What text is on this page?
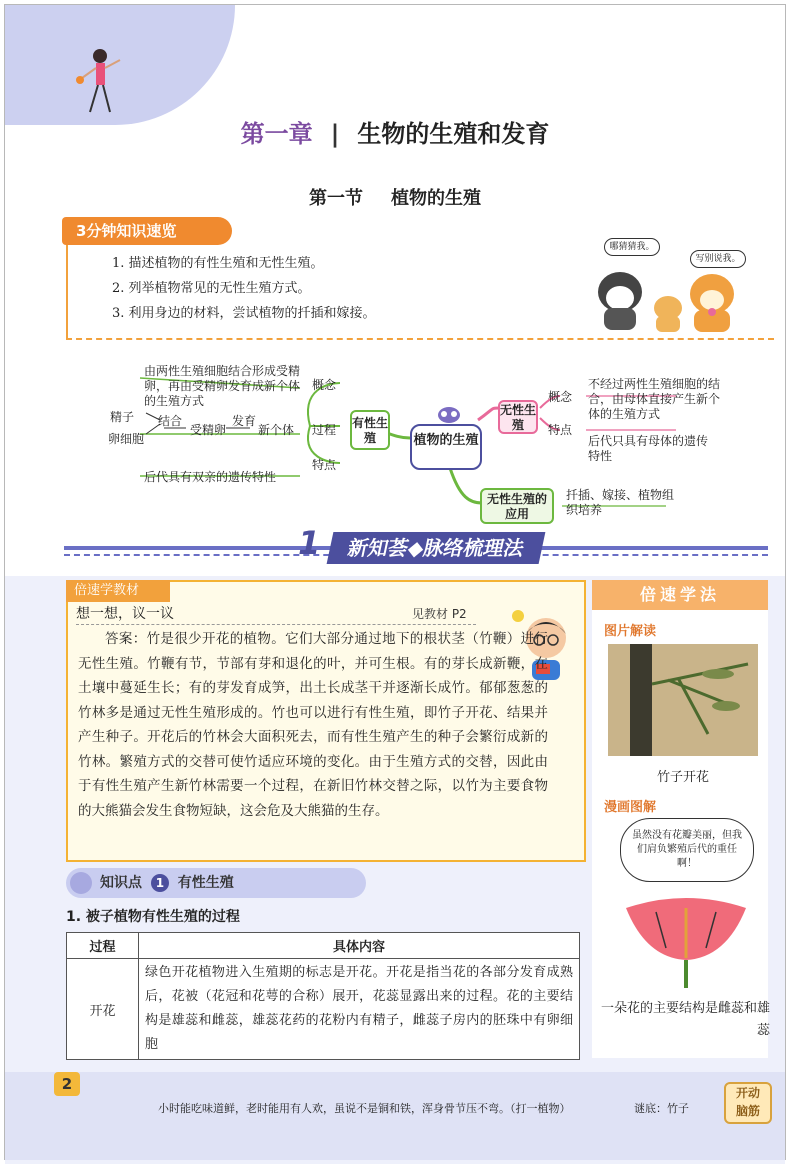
第一章 | 生物的生殖和发育
第一节 植物的生殖
3分钟知识速览
1. 描述植物的有性生殖和无性生殖。
2. 列举植物常见的无性生殖方式。
3. 利用身边的材料，尝试植物的扦插和嫁接。
哪猜猜我。
写别说我。
由两性生殖细胞结合形成受精卵，再由受精卵发育成新个体的生殖方式
概念
精子
卵细胞
结合
受精卵
发育
新个体 过程
后代具有双亲的遗传特性
特点
有性生殖	植物的生殖
无性生殖
概念
不经过两性生殖细胞的结合，由母体直接产生新个体的生殖方式
特点
后代只具有母体的遗传特性
无性生殖的应用
扦插、嫁接、植物组织培养
1	新知荟◆脉络梳理法
倍速学教材
想一想，议一议	见教材 P2
答案：竹是很少开花的植物。它们大部分通过地下的根状茎（竹鞭）进行无性生殖。竹鞭有节，节部有芽和退化的叶，并可生根。有的芽长成新鞭，在土壤中蔓延生长；有的芽发育成笋，出土长成茎干并逐渐长成竹。郁郁葱葱的竹林多是通过无性生殖形成的。竹也可以进行有性生殖，即竹子开花、结果并产生种子。开花后的竹林会大面积死去，而有性生殖产生的种子会繁衍成新的竹林。繁殖方式的交替可使竹适应环境的变化。由于生殖方式的交替，因此由于有性生殖产生新竹林需要一个过程，在新旧竹林交替之际，以竹为主要食物的大熊猫会发生食物短缺，这会危及大熊猫的生存。
倍速学法
图片解读
竹子开花
漫画图解
虽然没有花瓣美丽，但我们肩负繁殖后代的重任啊！
一朵花的主要结构是雌蕊和雄蕊
知识点 1 有性生殖
1. 被子植物有性生殖的过程
过程	具体内容
开花	绿色开花植物进入生殖期的标志是开花。开花是指当花的各部分发育成熟后，花被（花冠和花萼的合称）展开，花蕊显露出来的过程。花的主要结构是雄蕊和雌蕊，雄蕊花药的花粉内有精子，雌蕊子房内的胚珠中有卵细胞
2
小时能吃味道鲜，老时能用有人欢，虽说不是铜和铁，浑身骨节压不弯。（打一植物）	谜底：竹子
开动
脑筋
